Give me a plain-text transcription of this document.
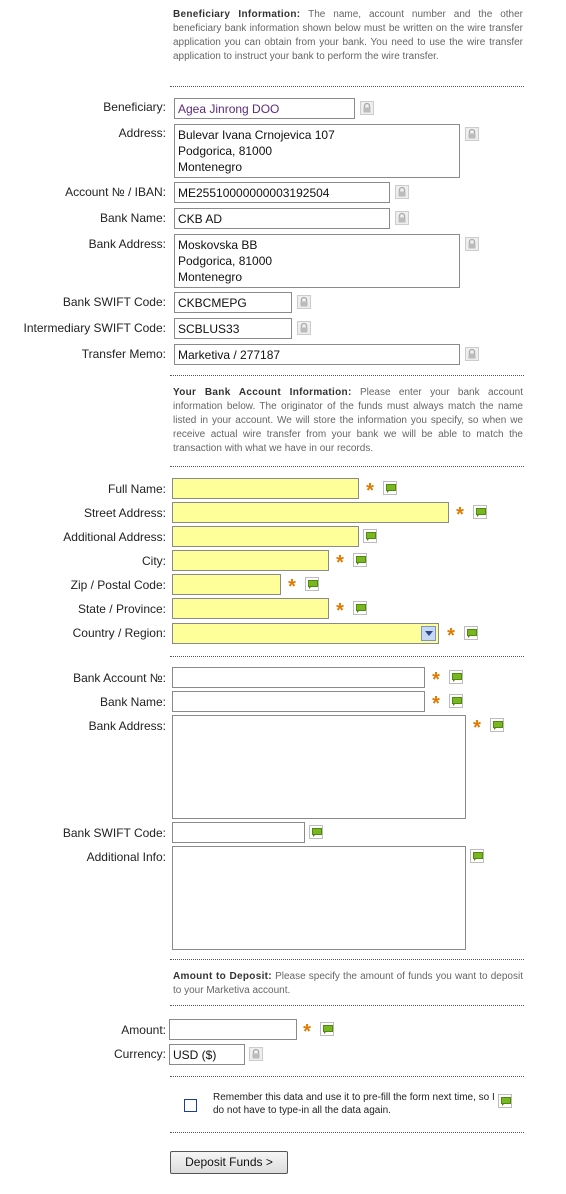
Beneficiary Information: The name, account number and the other beneficiary bank information shown below must be written on the wire transfer application you can obtain from your bank. You need to use the wire transfer application to instruct your bank to perform the wire transfer.
Beneficiary:	Agea Jinrong DOO
Address:	Bulevar Ivana Crnojevica 107
Podgorica, 81000
Montenegro
Account № / IBAN:	ME25510000000003192504
Bank Name:	CKB AD
Bank Address:	Moskovska BB
Podgorica, 81000
Montenegro
Bank SWIFT Code:	CKBCMEPG
Intermediary SWIFT Code:	SCBLUS33
Transfer Memo:	Marketiva / 277187
Your Bank Account Information: Please enter your bank account information below. The originator of the funds must always match the name listed in your account. We will store the information you specify, so when we receive actual wire transfer from your bank we will be able to match the transaction with what we have in our records.
Full Name:	*
Street Address:	*
Additional Address:
City:	*
Zip / Postal Code:	*
State / Province:	*
Country / Region:	*
Bank Account №:	*
Bank Name:	*
Bank Address:	*
Bank SWIFT Code:
Additional Info:
Amount to Deposit: Please specify the amount of funds you want to deposit to your Marketiva account.
Amount:	*
Currency: USD ($)
Remember this data and use it to pre-fill the form next time, so I do not have to type-in all the data again.
Deposit Funds >
